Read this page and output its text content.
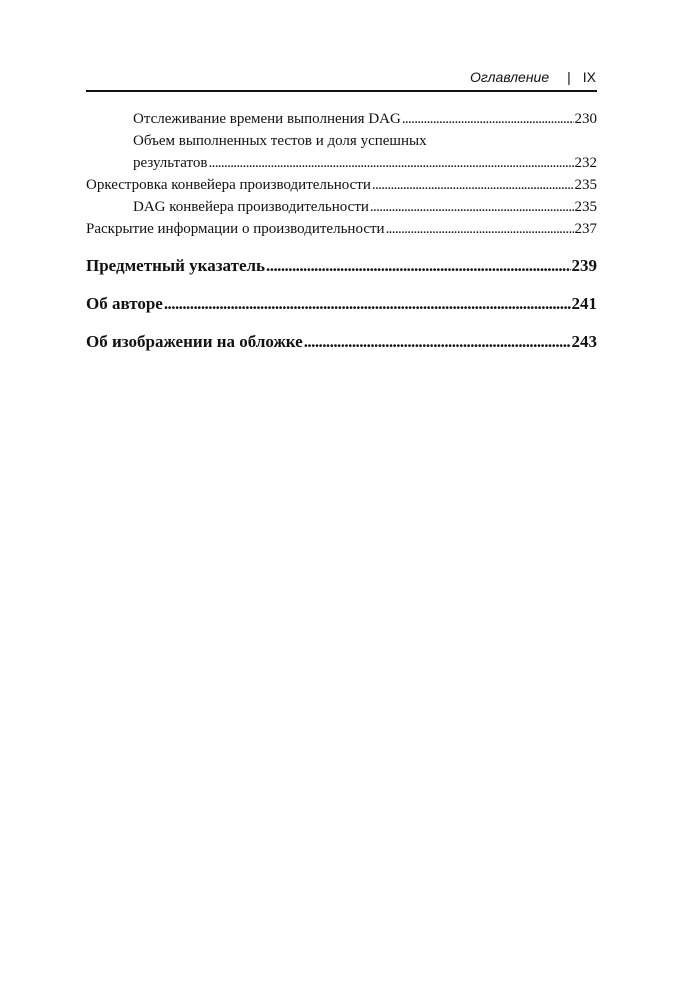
Оглавление | IX
Отслеживание времени выполнения DAG . . .	230
Объем выполненных тестов и доля успешных
результатов . . .	232
Оркестровка конвейера производительности . . .	235
DAG конвейера производительности . . .	235
Раскрытие информации о производительности . . .	237
Предметный указатель . . .	239
Об авторе . . .	241
Об изображении на обложке . . .	243
